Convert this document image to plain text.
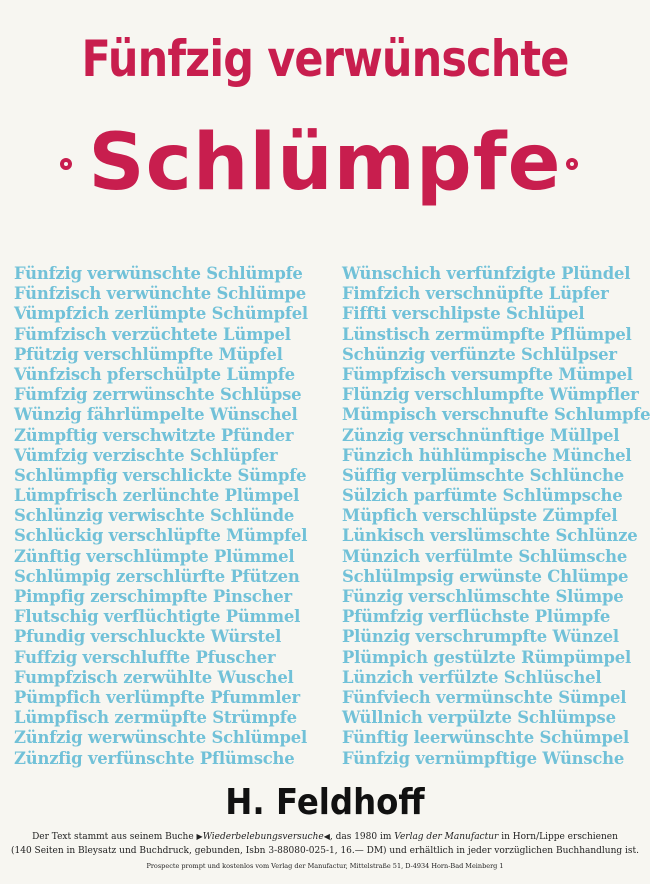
Fünfzig verwünschte
Schlümpfe
Fünfzig verwünschte Schlümpfe
Fünfzisch verwünchte Schlümpe
Vümpfzich zerlümpte Schümpfel
Fümfzisch verzüchtete Lümpel
Pfützig verschlümpfte Müpfel
Vünfzisch pferschülpte Lümpfe
Fümfzig zerrwünschte Schlüpse
Wünzig fährlümpelte Wünschel
Zümpftig verschwitzte Pfünder
Vümfzig verzischte Schlüpfer
Schlümpfig verschlickte Sümpfe
Lümpfrisch zerlünchte Plümpel
Schlünzig verwischte Schlünde
Schlückig verschlüpfte Mümpfel
Zünftig verschlümpte Plümmel
Schlümpig zerschlürfte Pfützen
Pimpfig zerschimpfte Pinscher
Flutschig verflüchtigte Pümmel
Pfundig verschluckte Würstel
Fuffzig verschluffte Pfuscher
Fumpfzisch zerwühlte Wuschel
Pümpfich verlümpfte Pfummler
Lümpfisch zermüpfte Strümpfe
Zünfzig werwünschte Schlümpel
Zünzfig verfünschte Pflümsche
Wünschich verfünfzigte Plündel
Fimfzich verschnüpfte Lüpfer
Fiffti verschlipste Schlüpel
Lünstisch zermümpfte Pflümpel
Schünzig verfünzte Schlülpser
Fümpfzisch versumpfte Mümpel
Flünzig verschlumpfte Wümpfler
Mümpisch verschnufte Schlumpfe
Zünzig verschnünftige Müllpel
Fünzich hühlümpische Münchel
Süffig verplümschte Schlünche
Sülzich parfümte Schlümpsche
Müpfich verschlüpste Zümpfel
Lünkisch verslümschte Schlünze
Münzich verfülmte Schlümsche
Schlülmpsig erwünste Chlümpe
Fünzig verschlümschte Slümpe
Pfümfzig verflüchste Plümpfe
Plünzig verschrumpfte Wünzel
Plümpich gestülzte Rümpümpel
Lünzich verfülzte Schlüschel
Fünfviech vermünschte Sümpel
Wüllnich verpülzte Schlümpse
Fünftig leerwünschte Schümpel
Fünfzig vernümpftige Wünsche
H. Feldhoff
Der Text stammt aus seinem Buche ▶Wiederbelebungsversuche◀, das 1980 im Verlag der Manufactur in Horn/Lippe erschienen
(140 Seiten in Bleysatz und Buchdruck, gebunden, Isbn 3-88080-025-1, 16.— DM) und erhältlich in jeder vorzüglichen Buchhandlung ist.
Prospecte prompt und kostenlos vom Verlag der Manufactur, Mittelstraße 51, D-4934 Horn-Bad Meinberg 1
